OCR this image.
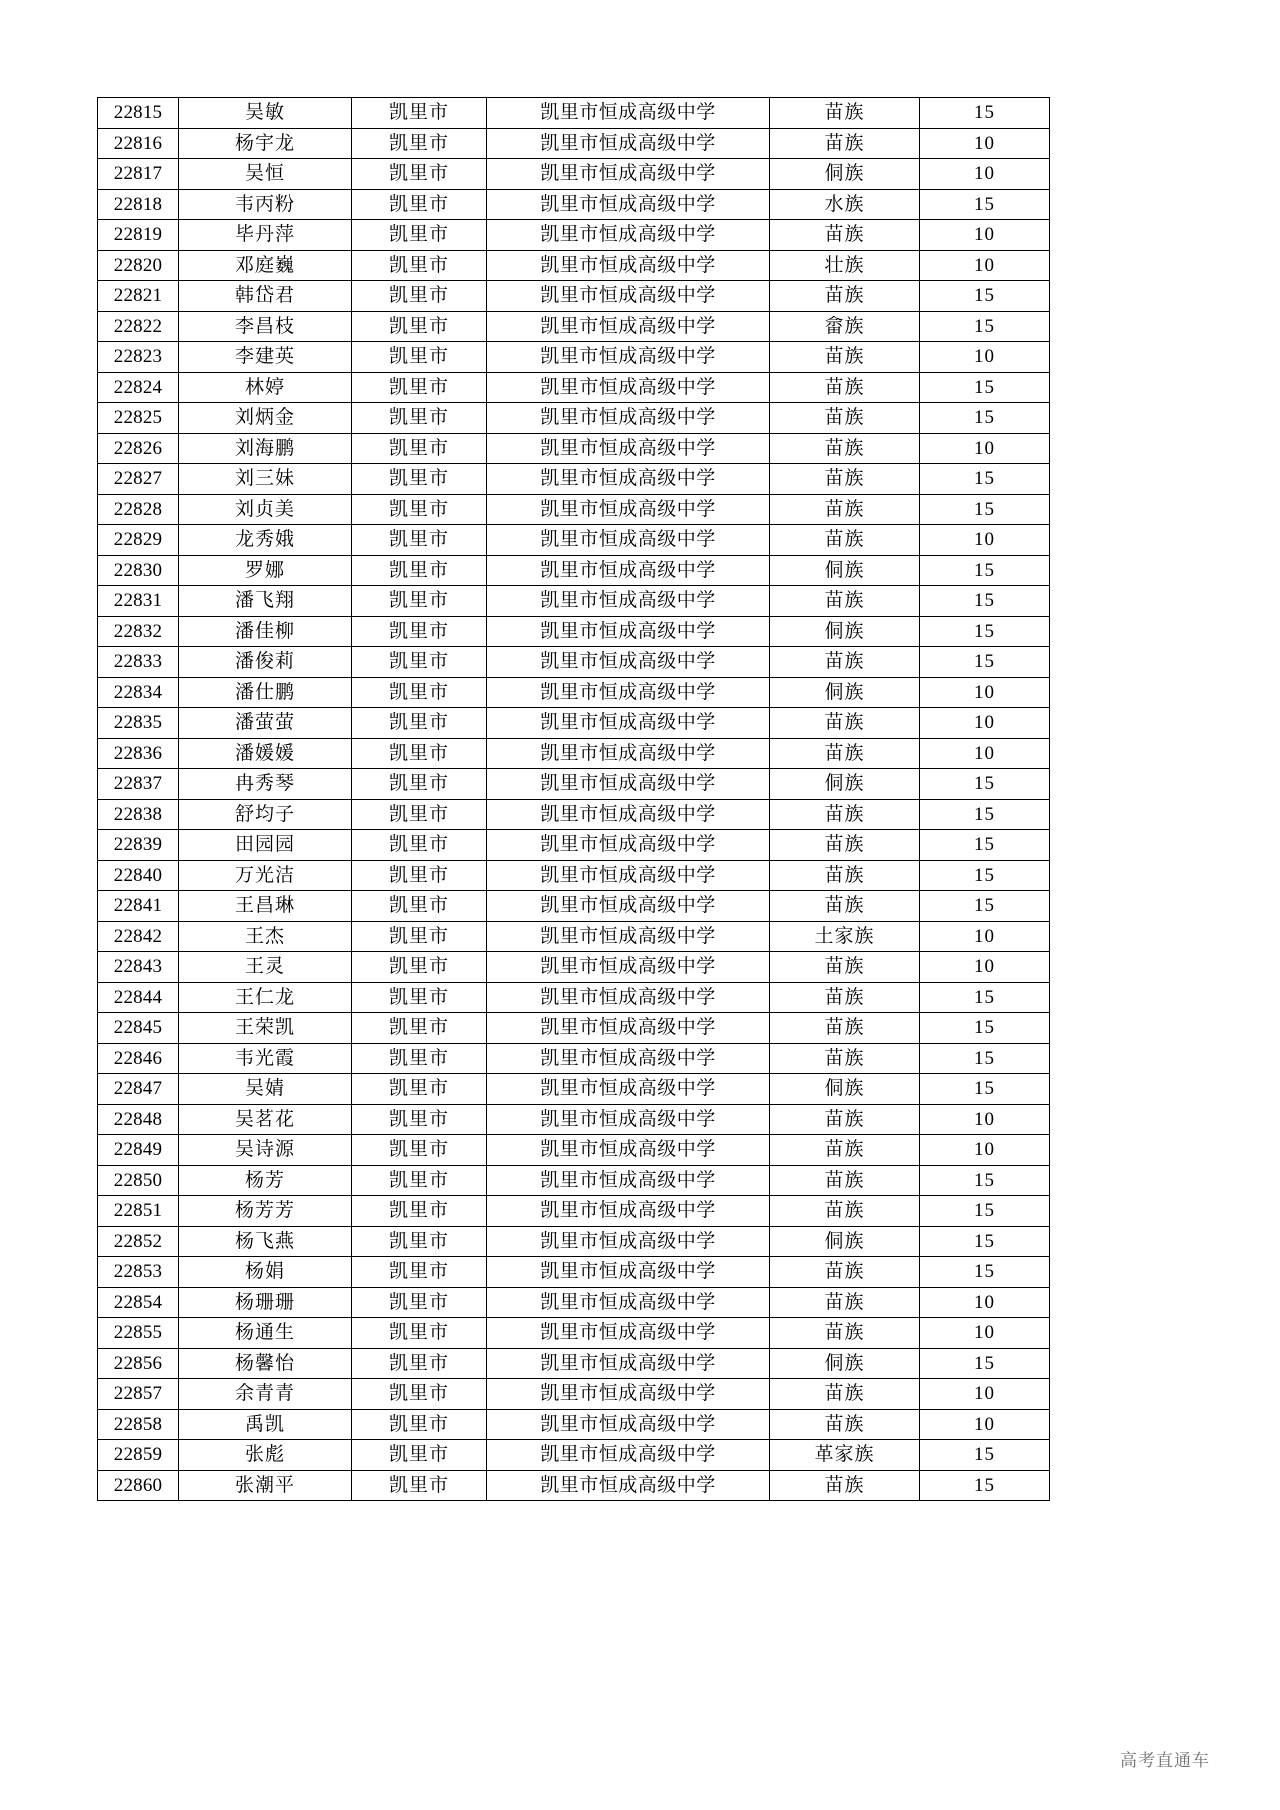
22815	吴敏	凯里市	凯里市恒成高级中学	苗族	15
22816	杨宇龙	凯里市	凯里市恒成高级中学	苗族	10
22817	吴恒	凯里市	凯里市恒成高级中学	侗族	10
22818	韦丙粉	凯里市	凯里市恒成高级中学	水族	15
22819	毕丹萍	凯里市	凯里市恒成高级中学	苗族	10
22820	邓庭巍	凯里市	凯里市恒成高级中学	壮族	10
22821	韩岱君	凯里市	凯里市恒成高级中学	苗族	15
22822	李昌枝	凯里市	凯里市恒成高级中学	畲族	15
22823	李建英	凯里市	凯里市恒成高级中学	苗族	10
22824	林婷	凯里市	凯里市恒成高级中学	苗族	15
22825	刘炳金	凯里市	凯里市恒成高级中学	苗族	15
22826	刘海鹏	凯里市	凯里市恒成高级中学	苗族	10
22827	刘三妹	凯里市	凯里市恒成高级中学	苗族	15
22828	刘贞美	凯里市	凯里市恒成高级中学	苗族	15
22829	龙秀娥	凯里市	凯里市恒成高级中学	苗族	10
22830	罗娜	凯里市	凯里市恒成高级中学	侗族	15
22831	潘飞翔	凯里市	凯里市恒成高级中学	苗族	15
22832	潘佳柳	凯里市	凯里市恒成高级中学	侗族	15
22833	潘俊莉	凯里市	凯里市恒成高级中学	苗族	15
22834	潘仕鹏	凯里市	凯里市恒成高级中学	侗族	10
22835	潘萤萤	凯里市	凯里市恒成高级中学	苗族	10
22836	潘媛媛	凯里市	凯里市恒成高级中学	苗族	10
22837	冉秀琴	凯里市	凯里市恒成高级中学	侗族	15
22838	舒均子	凯里市	凯里市恒成高级中学	苗族	15
22839	田园园	凯里市	凯里市恒成高级中学	苗族	15
22840	万光洁	凯里市	凯里市恒成高级中学	苗族	15
22841	王昌琳	凯里市	凯里市恒成高级中学	苗族	15
22842	王杰	凯里市	凯里市恒成高级中学	土家族	10
22843	王灵	凯里市	凯里市恒成高级中学	苗族	10
22844	王仁龙	凯里市	凯里市恒成高级中学	苗族	15
22845	王荣凯	凯里市	凯里市恒成高级中学	苗族	15
22846	韦光霞	凯里市	凯里市恒成高级中学	苗族	15
22847	吴婧	凯里市	凯里市恒成高级中学	侗族	15
22848	吴茗花	凯里市	凯里市恒成高级中学	苗族	10
22849	吴诗源	凯里市	凯里市恒成高级中学	苗族	10
22850	杨芳	凯里市	凯里市恒成高级中学	苗族	15
22851	杨芳芳	凯里市	凯里市恒成高级中学	苗族	15
22852	杨飞燕	凯里市	凯里市恒成高级中学	侗族	15
22853	杨娟	凯里市	凯里市恒成高级中学	苗族	15
22854	杨珊珊	凯里市	凯里市恒成高级中学	苗族	10
22855	杨通生	凯里市	凯里市恒成高级中学	苗族	10
22856	杨馨怡	凯里市	凯里市恒成高级中学	侗族	15
22857	余青青	凯里市	凯里市恒成高级中学	苗族	10
22858	禹凯	凯里市	凯里市恒成高级中学	苗族	10
22859	张彪	凯里市	凯里市恒成高级中学	革家族	15
22860	张潮平	凯里市	凯里市恒成高级中学	苗族	15
高考直通车
